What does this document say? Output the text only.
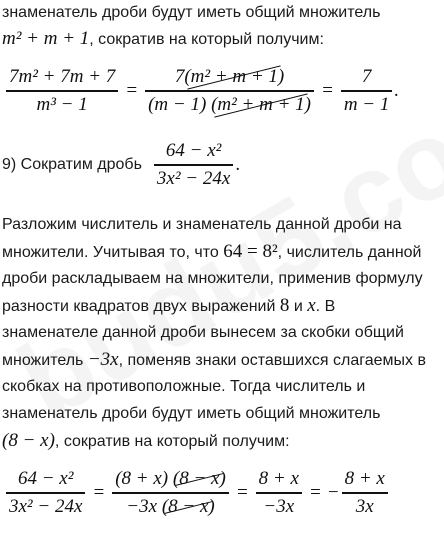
знаменатель дроби будут иметь общий множитель
m² + m + 1, сократив на который получим:
$\frac{\text{7m² + 7m + 7}}{\text{m³ − 1}} = \frac{\text{7(m² + m + 1)}}{\text{(m − 1) (m² + m + 1)}} = \frac{7}{m - 1}$ .
9) Сократим дробь $\frac{\text{64 − x²}}{\text{3x² − 24x}}$ .
Разложим числитель и знаменатель данной дроби на
множители. Учитывая то, что 64 = 8², числитель данной
дроби раскладываем на множители, применив формулу
разности квадратов двух выражений 8 и x. В
знаменателе данной дроби вынесем за скобки общий
множитель −3x, поменяв знаки оставшихся слагаемых в
скобках на противоположные. Тогда числитель и
знаменатель дроби будут иметь общий множитель
(8 − x), сократив на который получим:
$\frac{\text{64 − x²}}{\text{3x² − 24x}} = \frac{(8 + x) (8 - x)}{-3x (8 - x)} = \frac{8 + x}{-3x}$ = − $\frac{8 + x}{3x}$
